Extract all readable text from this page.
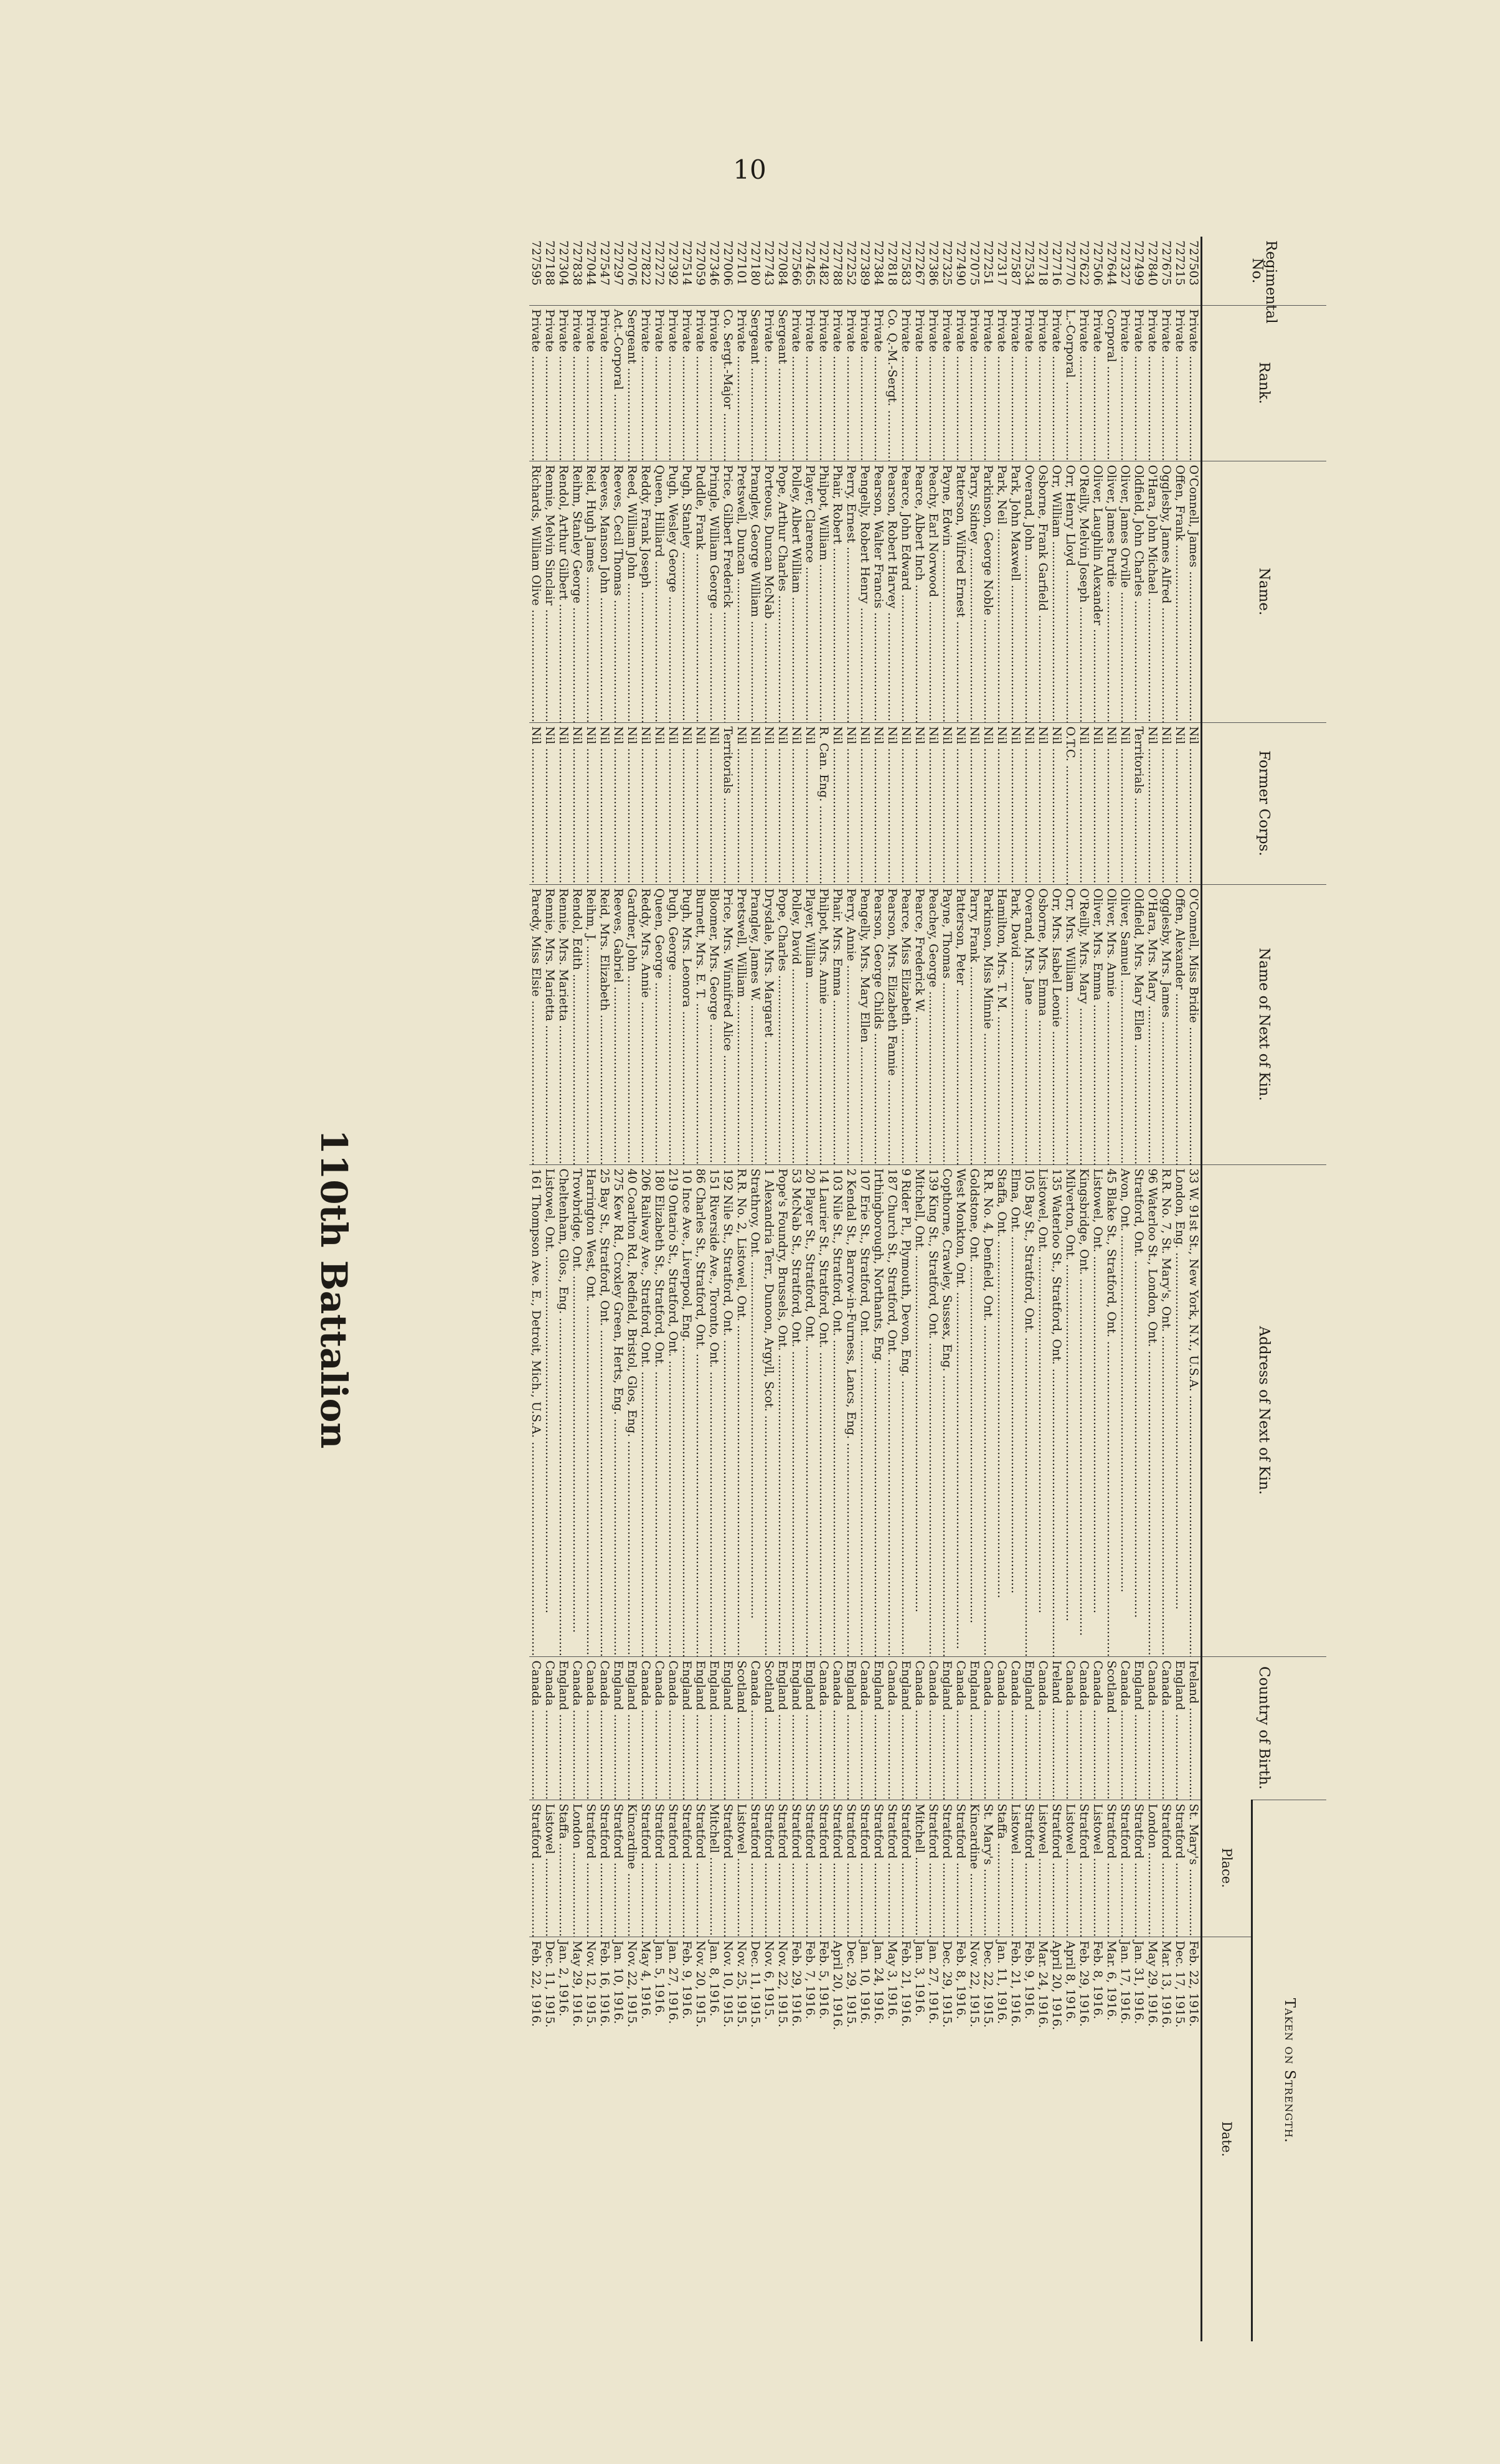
10
Regimental No.	Rank.	Name.	Former Corps.	Name of Next of Kin.	Address of Next of Kin.	Country of Birth.	Taken on Strength.	
							Place.	Date.
727503	Private .....	O'Connell, James .....	Nil .....	O'Connell, Miss Bridie .....	33 W. 91st St., New York, N.Y., U.S.A. .....	Ireland .....	St. Mary's .....	Feb. 22, 1916.
727215	Private .....	Offen, Frank .....	Nil .....	Offen, Alexander .....	London, Eng. .....	England .....	Stratford .....	Dec. 17, 1915.
727675	Private .....	Ogglesby, James Alfred .....	Nil .....	Ogglesby, Mrs. James .....	R.R. No. 7, St. Mary's, Ont. .....	Canada .....	Stratford .....	Mar. 13, 1916.
727840	Private .....	O'Hara, John Michael .....	Nil .....	O'Hara, Mrs. Mary .....	96 Waterloo St., London, Ont. .....	Canada .....	London .....	May 29, 1916.
727499	Private .....	Oldfield, John Charles .....	Territorials .....	Oldfield, Mrs. Mary Ellen .....	Stratford, Ont. .....	England .....	Stratford .....	Jan. 31, 1916.
727327	Private .....	Oliver, James Orville .....	Nil .....	Oliver, Samuel .....	Avon, Ont. .....	Canada .....	Stratford .....	Jan. 17, 1916.
727644	Corporal .....	Oliver, James Purdie .....	Nil .....	Oliver, Mrs. Annie .....	45 Blake St., Stratford, Ont. .....	Scotland .....	Stratford .....	Mar. 6, 1916.
727506	Private .....	Oliver, Laughlin Alexander .....	Nil .....	Oliver, Mrs. Emma .....	Listowel, Ont. .....	Canada .....	Listowel .....	Feb. 8, 1916.
727622	Private .....	O'Reilly, Melvin Joseph .....	Nil .....	O'Reilly, Mrs. Mary .....	Kingsbridge, Ont. .....	Canada .....	Stratford .....	Feb. 29, 1916.
727770	L.-Corporal .....	Orr, Henry Lloyd .....	O.T.C. .....	Orr, Mrs. William .....	Milverton, Ont. .....	Canada .....	Listowel .....	April 8, 1916.
727716	Private .....	Orr, William .....	Nil .....	Orr, Mrs. Isabel Leonie .....	135 Waterloo St., Stratford, Ont. .....	Ireland .....	Stratford .....	April 20, 1916.
727718	Private .....	Osborne, Frank Garfield .....	Nil .....	Osborne, Mrs. Emma .....	Listowel, Ont. .....	Canada .....	Listowel .....	Mar. 24, 1916.
727534	Private .....	Overand, John .....	Nil .....	Overand, Mrs. Jane .....	105 Bay St., Stratford, Ont. .....	England .....	Stratford .....	Feb. 9, 1916.
727587	Private .....	Park, John Maxwell .....	Nil .....	Park, David .....	Elma, Ont. .....	Canada .....	Listowel .....	Feb. 21, 1916.
727317	Private .....	Park, Neil .....	Nil .....	Hamilton, Mrs. T. M. .....	Staffa, Ont. .....	Canada .....	Staffa .....	Jan. 11, 1916.
727251	Private .....	Parkinson, George Noble .....	Nil .....	Parkinson, Miss Minnie .....	R.R. No. 4, Denfield, Ont. .....	Canada .....	St. Mary's .....	Dec. 22, 1915.
727075	Private .....	Parry, Sidney .....	Nil .....	Parry, Frank .....	Goldstone, Ont. .....	England .....	Kincardine .....	Nov. 22, 1915.
727490	Private .....	Patterson, Wilfred Ernest .....	Nil .....	Patterson, Peter .....	West Monkton, Ont. .....	Canada .....	Stratford .....	Feb. 8, 1916.
727325	Private .....	Payne, Edwin .....	Nil .....	Payne, Thomas .....	Copthorne, Crawley, Sussex, Eng. .....	England .....	Stratford .....	Dec. 29, 1915.
727386	Private .....	Peachy, Earl Norwood .....	Nil .....	Peachey, George .....	139 King St., Stratford, Ont. .....	Canada .....	Stratford .....	Jan. 27, 1916.
727267	Private .....	Pearce, Albert Inch .....	Nil .....	Pearce, Frederick W. .....	Mitchell, Ont. .....	Canada .....	Mitchell .....	Jan. 3, 1916.
727583	Private .....	Pearce, John Edward .....	Nil .....	Pearce, Miss Elizabeth .....	9 Rider Pl., Plymouth, Devon, Eng. .....	England .....	Stratford .....	Feb. 21, 1916.
727818	Co. Q.-M.-Sergt. .....	Pearson, Robert Harvey .....	Nil .....	Pearson, Mrs. Elizabeth Fannie .....	187 Church St., Stratford, Ont. .....	Canada .....	Stratford .....	May 3, 1916.
727384	Private .....	Pearson, Walter Francis .....	Nil .....	Pearson, George Childs .....	Irthingborough, Northants, Eng. .....	England .....	Stratford .....	Jan. 24, 1916.
727389	Private .....	Pengelly, Robert Henry .....	Nil .....	Pengelly, Mrs. Mary Ellen .....	107 Erie St., Stratford, Ont. .....	Canada .....	Stratford .....	Jan. 10, 1916.
727252	Private .....	Perry, Ernest .....	Nil .....	Perry, Annie .....	2 Kendal St., Barrow-in-Furness, Lancs, Eng. .....	England .....	Stratford .....	Dec. 29, 1915.
727788	Private .....	Phair, Robert .....	Nil .....	Phair, Mrs. Emma .....	103 Nile St., Stratford, Ont. .....	Canada .....	Stratford .....	April 20, 1916.
727482	Private .....	Philpot, William .....	R. Can. Eng. .....	Philpot, Mrs. Annie .....	14 Laurier St., Stratford, Ont. .....	Canada .....	Stratford .....	Feb. 5, 1916.
727465	Private .....	Player, Clarence .....	Nil .....	Player, William .....	20 Player St., Stratford, Ont. .....	England .....	Stratford .....	Feb. 7, 1916.
727566	Private .....	Polley, Albert William .....	Nil .....	Polley, David .....	53 McNab St., Stratford, Ont. .....	England .....	Stratford .....	Feb. 29, 1916.
727084	Sergeant .....	Pope, Arthur Charles .....	Nil .....	Pope, Charles .....	Pope's Foundry, Brussels, Ont. .....	England .....	Stratford .....	Nov. 22, 1915.
727743	Private .....	Porteous, Duncan McNab .....	Nil .....	Drysdale, Mrs. Margaret .....	1 Alexandria Terr., Dunoon, Argyll, Scot. .....	Scotland .....	Stratford .....	Nov. 6, 1915.
727180	Sergeant .....	Prangley, George William .....	Nil .....	Prangley, James W. .....	Strathroy, Ont. .....	Canada .....	Stratford .....	Dec. 11, 1915.
727101	Private .....	Pretswell, Duncan .....	Nil .....	Pretswell, William .....	R.R. No. 2, Listowel, Ont. .....	Scotland .....	Listowel .....	Nov. 25, 1915.
727006	Co. Sergt.-Major .....	Price, Gilbert Frederick .....	Territorials .....	Price, Mrs. Winnifred Alice .....	192 Nile St., Stratford, Ont. .....	England .....	Stratford .....	Nov. 10, 1915.
727346	Private .....	Pringle, William George .....	Nil .....	Bloomer, Mrs. George .....	151 Riverside Ave., Toronto, Ont. .....	England .....	Mitchell .....	Jan. 8, 1916.
727059	Private .....	Puddle, Frank .....	Nil .....	Burnett, Mrs. E. T. .....	86 Charles St., Stratford, Ont. .....	England .....	Stratford .....	Nov. 20, 1915.
727514	Private .....	Pugh, Stanley .....	Nil .....	Pugh, Mrs. Leonora .....	10 Ince Ave., Liverpool, Eng. .....	England .....	Stratford .....	Feb. 9, 1916.
727392	Private .....	Pugh, Wesley George .....	Nil .....	Pugh, George .....	219 Ontario St., Stratford, Ont. .....	Canada .....	Stratford .....	Jan. 27, 1916.
727272	Private .....	Queen, Hilliard .....	Nil .....	Queen, George .....	180 Elizabeth St., Stratford, Ont. .....	Canada .....	Stratford .....	Jan. 5, 1916.
727822	Private .....	Reddy, Frank Joseph .....	Nil .....	Reddy, Mrs. Annie .....	206 Railway Ave., Stratford, Ont. .....	Canada .....	Stratford .....	May 4, 1916.
727076	Sergeant .....	Reed, William John .....	Nil .....	Gardner, John .....	40 Coarlton Rd., Redfield, Bristol, Glos, Eng. .....	England .....	Kincardine .....	Nov. 22, 1915.
727297	Act.-Corporal .....	Reeves, Cecil Thomas .....	Nil .....	Reeves, Gabriel .....	275 Kew Rd., Croxley Green, Herts, Eng. .....	England .....	Stratford .....	Jan. 10, 1916.
727547	Private .....	Reeves, Manson John .....	Nil .....	Reid, Mrs. Elizabeth .....	25 Bay St., Stratford, Ont. .....	Canada .....	Stratford .....	Feb. 16, 1916.
727044	Private .....	Reid, Hugh James .....	Nil .....	Reihm, J. .....	Harrington West, Ont. .....	Canada .....	Stratford .....	Nov. 12, 1915.
727838	Private .....	Reihm, Stanley George .....	Nil .....	Rendol, Edith .....	Trowbridge, Ont. .....	Canada .....	London .....	May 29, 1916.
727304	Private .....	Rendol, Arthur Gilbert .....	Nil .....	Rennie, Mrs. Marietta .....	Cheltenham, Glos., Eng. .....	England .....	Staffa .....	Jan. 2, 1916.
727188	Private .....	Rennie, Melvin Sinclair .....	Nil .....	Rennie, Mrs. Marietta .....	Listowel, Ont. .....	Canada .....	Listowel .....	Dec. 11, 1915.
727595	Private .....	Richards, William Olive .....	Nil .....	Paredy, Miss Elsie .....	161 Thompson Ave. E., Detroit, Mich., U.S.A. .....	Canada .....	Stratford .....	Feb. 22, 1916.
110th Battalion
